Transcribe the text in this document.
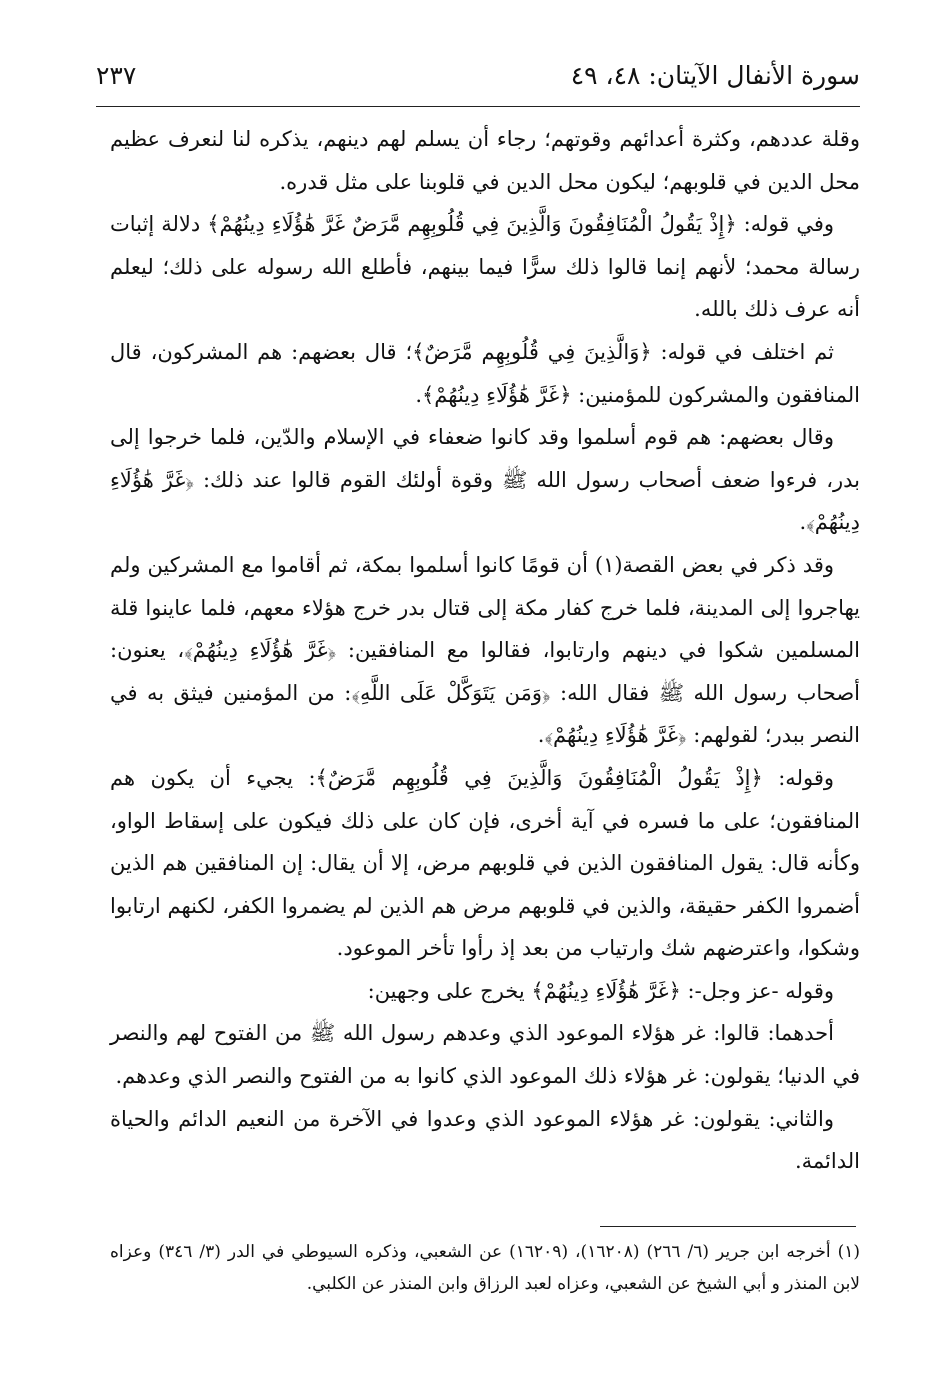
سورة الأنفال الآيتان: ٤٨، ٤٩
٢٣٧

وقلة عددهم، وكثرة أعدائهم وقوتهم؛ رجاء أن يسلم لهم دينهم، يذكره لنا لنعرف عظيم محل الدين في قلوبهم؛ ليكون محل الدين في قلوبنا على مثل قدره.

وفي قوله: ﴿إِذْ يَقُولُ الْمُنَافِقُونَ وَالَّذِينَ فِي قُلُوبِهِم مَّرَضٌ غَرَّ هَٰؤُلَاءِ دِينُهُمْ﴾ دلالة إثبات رسالة محمد؛ لأنهم إنما قالوا ذلك سرًّا فيما بينهم، فأطلع الله رسوله على ذلك؛ ليعلم أنه عرف ذلك بالله.

ثم اختلف في قوله: ﴿وَالَّذِينَ فِي قُلُوبِهِم مَّرَضٌ﴾؛ قال بعضهم: هم المشركون، قال المنافقون والمشركون للمؤمنين: ﴿غَرَّ هَٰؤُلَاءِ دِينُهُمْ﴾.

وقال بعضهم: هم قوم أسلموا وقد كانوا ضعفاء في الإسلام والدّين، فلما خرجوا إلى بدر، فرءوا ضعف أصحاب رسول الله ﷺ وقوة أولئك القوم قالوا عند ذلك: ﴿غَرَّ هَٰؤُلَاءِ دِينُهُمْ﴾.

وقد ذكر في بعض القصة(١) أن قومًا كانوا أسلموا بمكة، ثم أقاموا مع المشركين ولم يهاجروا إلى المدينة، فلما خرج كفار مكة إلى قتال بدر خرج هؤلاء معهم، فلما عاينوا قلة المسلمين شكوا في دينهم وارتابوا، فقالوا مع المنافقين: ﴿غَرَّ هَٰؤُلَاءِ دِينُهُمْ﴾، يعنون: أصحاب رسول الله ﷺ فقال الله: ﴿وَمَن يَتَوَكَّلْ عَلَى اللَّهِ﴾: من المؤمنين فيثق به في النصر ببدر؛ لقولهم: ﴿غَرَّ هَٰؤُلَاءِ دِينُهُمْ﴾.

وقوله: ﴿إِذْ يَقُولُ الْمُنَافِقُونَ وَالَّذِينَ فِي قُلُوبِهِم مَّرَضٌ﴾: يجيء أن يكون هم المنافقون؛ على ما فسره في آية أخرى، فإن كان على ذلك فيكون على إسقاط الواو، وكأنه قال: يقول المنافقون الذين في قلوبهم مرض، إلا أن يقال: إن المنافقين هم الذين أضمروا الكفر حقيقة، والذين في قلوبهم مرض هم الذين لم يضمروا الكفر، لكنهم ارتابوا وشكوا، واعترضهم شك وارتياب من بعد إذ رأوا تأخر الموعود.

وقوله -عز وجل-: ﴿غَرَّ هَٰؤُلَاءِ دِينُهُمْ﴾ يخرج على وجهين:

أحدهما: قالوا: غر هؤلاء الموعود الذي وعدهم رسول الله ﷺ من الفتوح لهم والنصر في الدنيا؛ يقولون: غر هؤلاء ذلك الموعود الذي كانوا به من الفتوح والنصر الذي وعدهم.

والثاني: يقولون: غر هؤلاء الموعود الذي وعدوا في الآخرة من النعيم الدائم والحياة الدائمة.

(١) أخرجه ابن جرير (٦/ ٢٦٦) (١٦٢٠٨)، (١٦٢٠٩) عن الشعبي، وذكره السيوطي في الدر (٣/ ٣٤٦) وعزاه لابن المنذر و أبي الشيخ عن الشعبي، وعزاه لعبد الرزاق وابن المنذر عن الكلبي.
